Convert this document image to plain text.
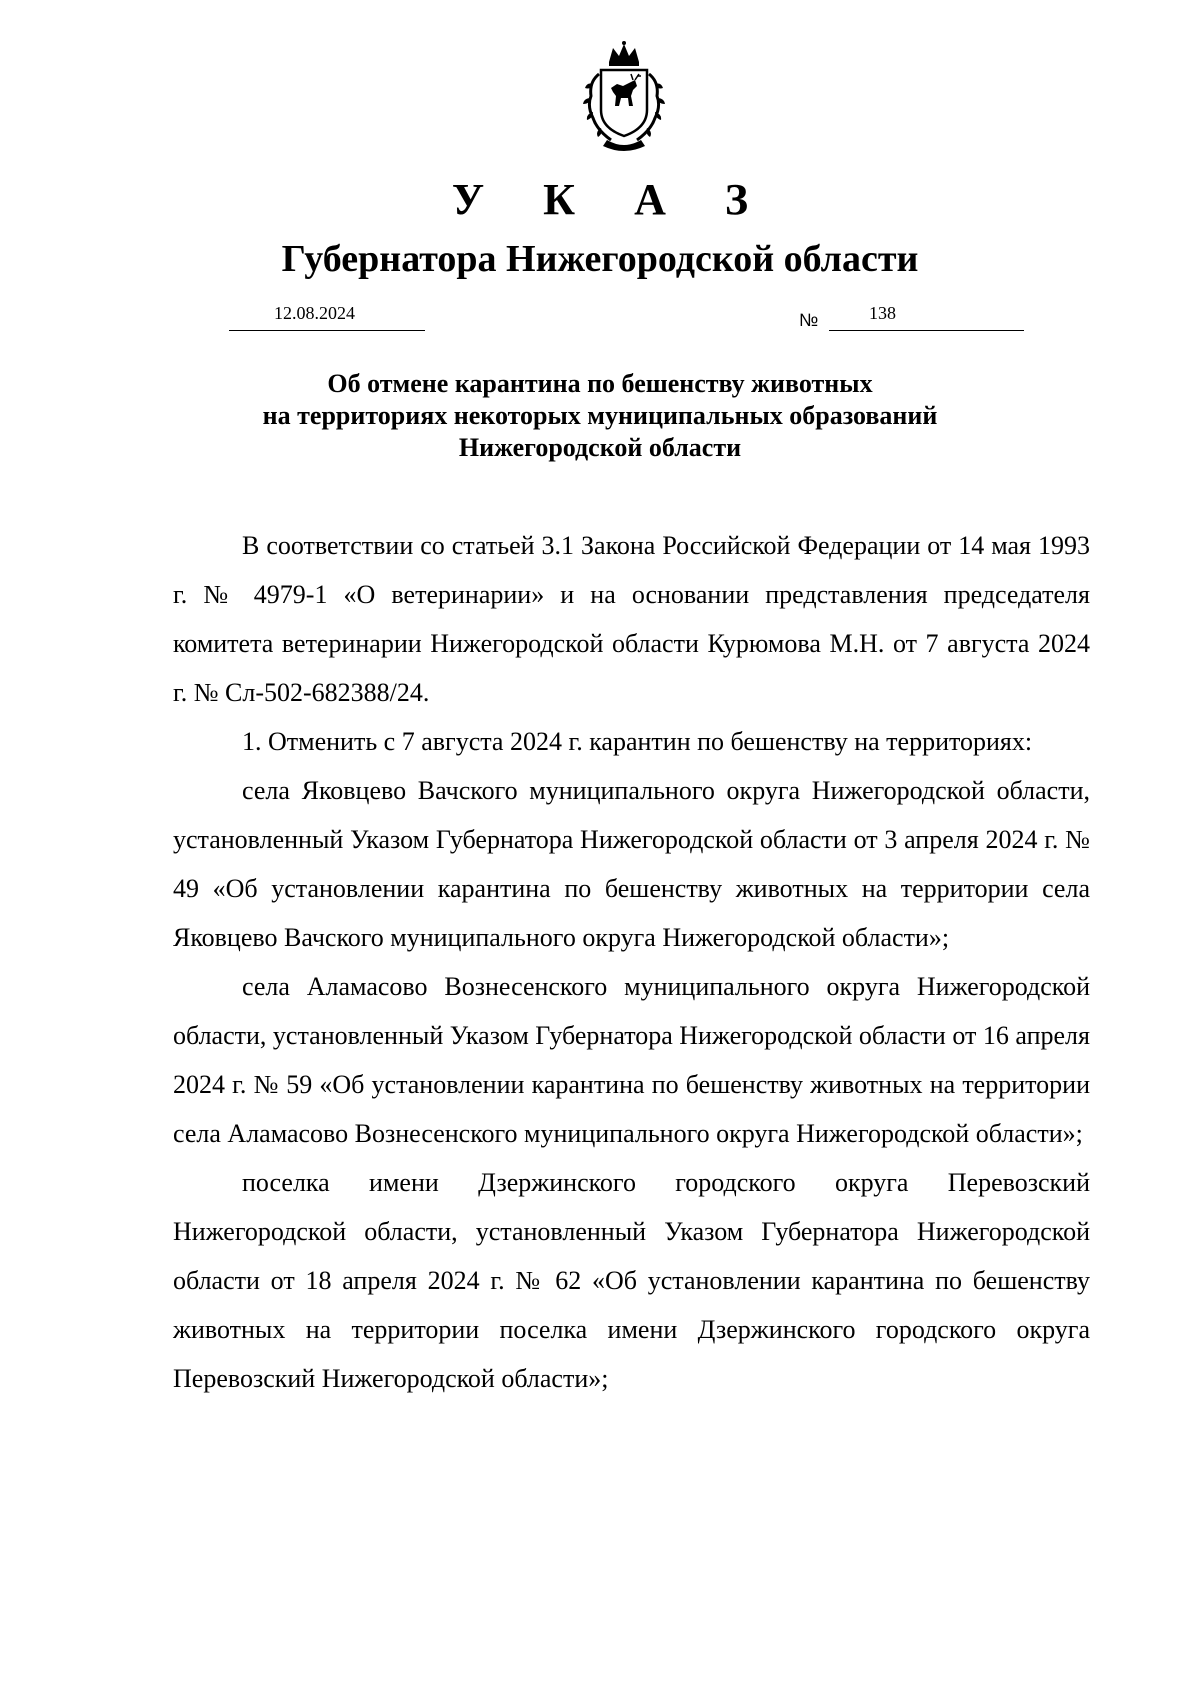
У К А З
Губернатора Нижегородской области
12.08.2024	№	138
Об отмене карантина по бешенству животных
на территориях некоторых муниципальных образований
Нижегородской области

В соответствии со статьей 3.1 Закона Российской Федерации от 14 мая 1993 г. № 4979-1 «О ветеринарии» и на основании представления председателя комитета ветеринарии Нижегородской области Курюмова М.Н. от 7 августа 2024 г. № Сл-502-682388/24.

1. Отменить с 7 августа 2024 г. карантин по бешенству на территориях:

села Яковцево Вачского муниципального округа Нижегородской области, установленный Указом Губернатора Нижегородской области от 3 апреля 2024 г. № 49 «Об установлении карантина по бешенству животных на территории села Яковцево Вачского муниципального округа Нижегородской области»;

села Аламасово Вознесенского муниципального округа Нижегородской области, установленный Указом Губернатора Нижегородской области от 16 апреля 2024 г. № 59 «Об установлении карантина по бешенству животных на территории села Аламасово Вознесенского муниципального округа Нижегородской области»;

поселка имени Дзержинского городского округа Перевозский Нижегородской области, установленный Указом Губернатора Нижегородской области от 18 апреля 2024 г. № 62 «Об установлении карантина по бешенству животных на территории поселка имени Дзержинского городского округа Перевозский Нижегородской области»;
